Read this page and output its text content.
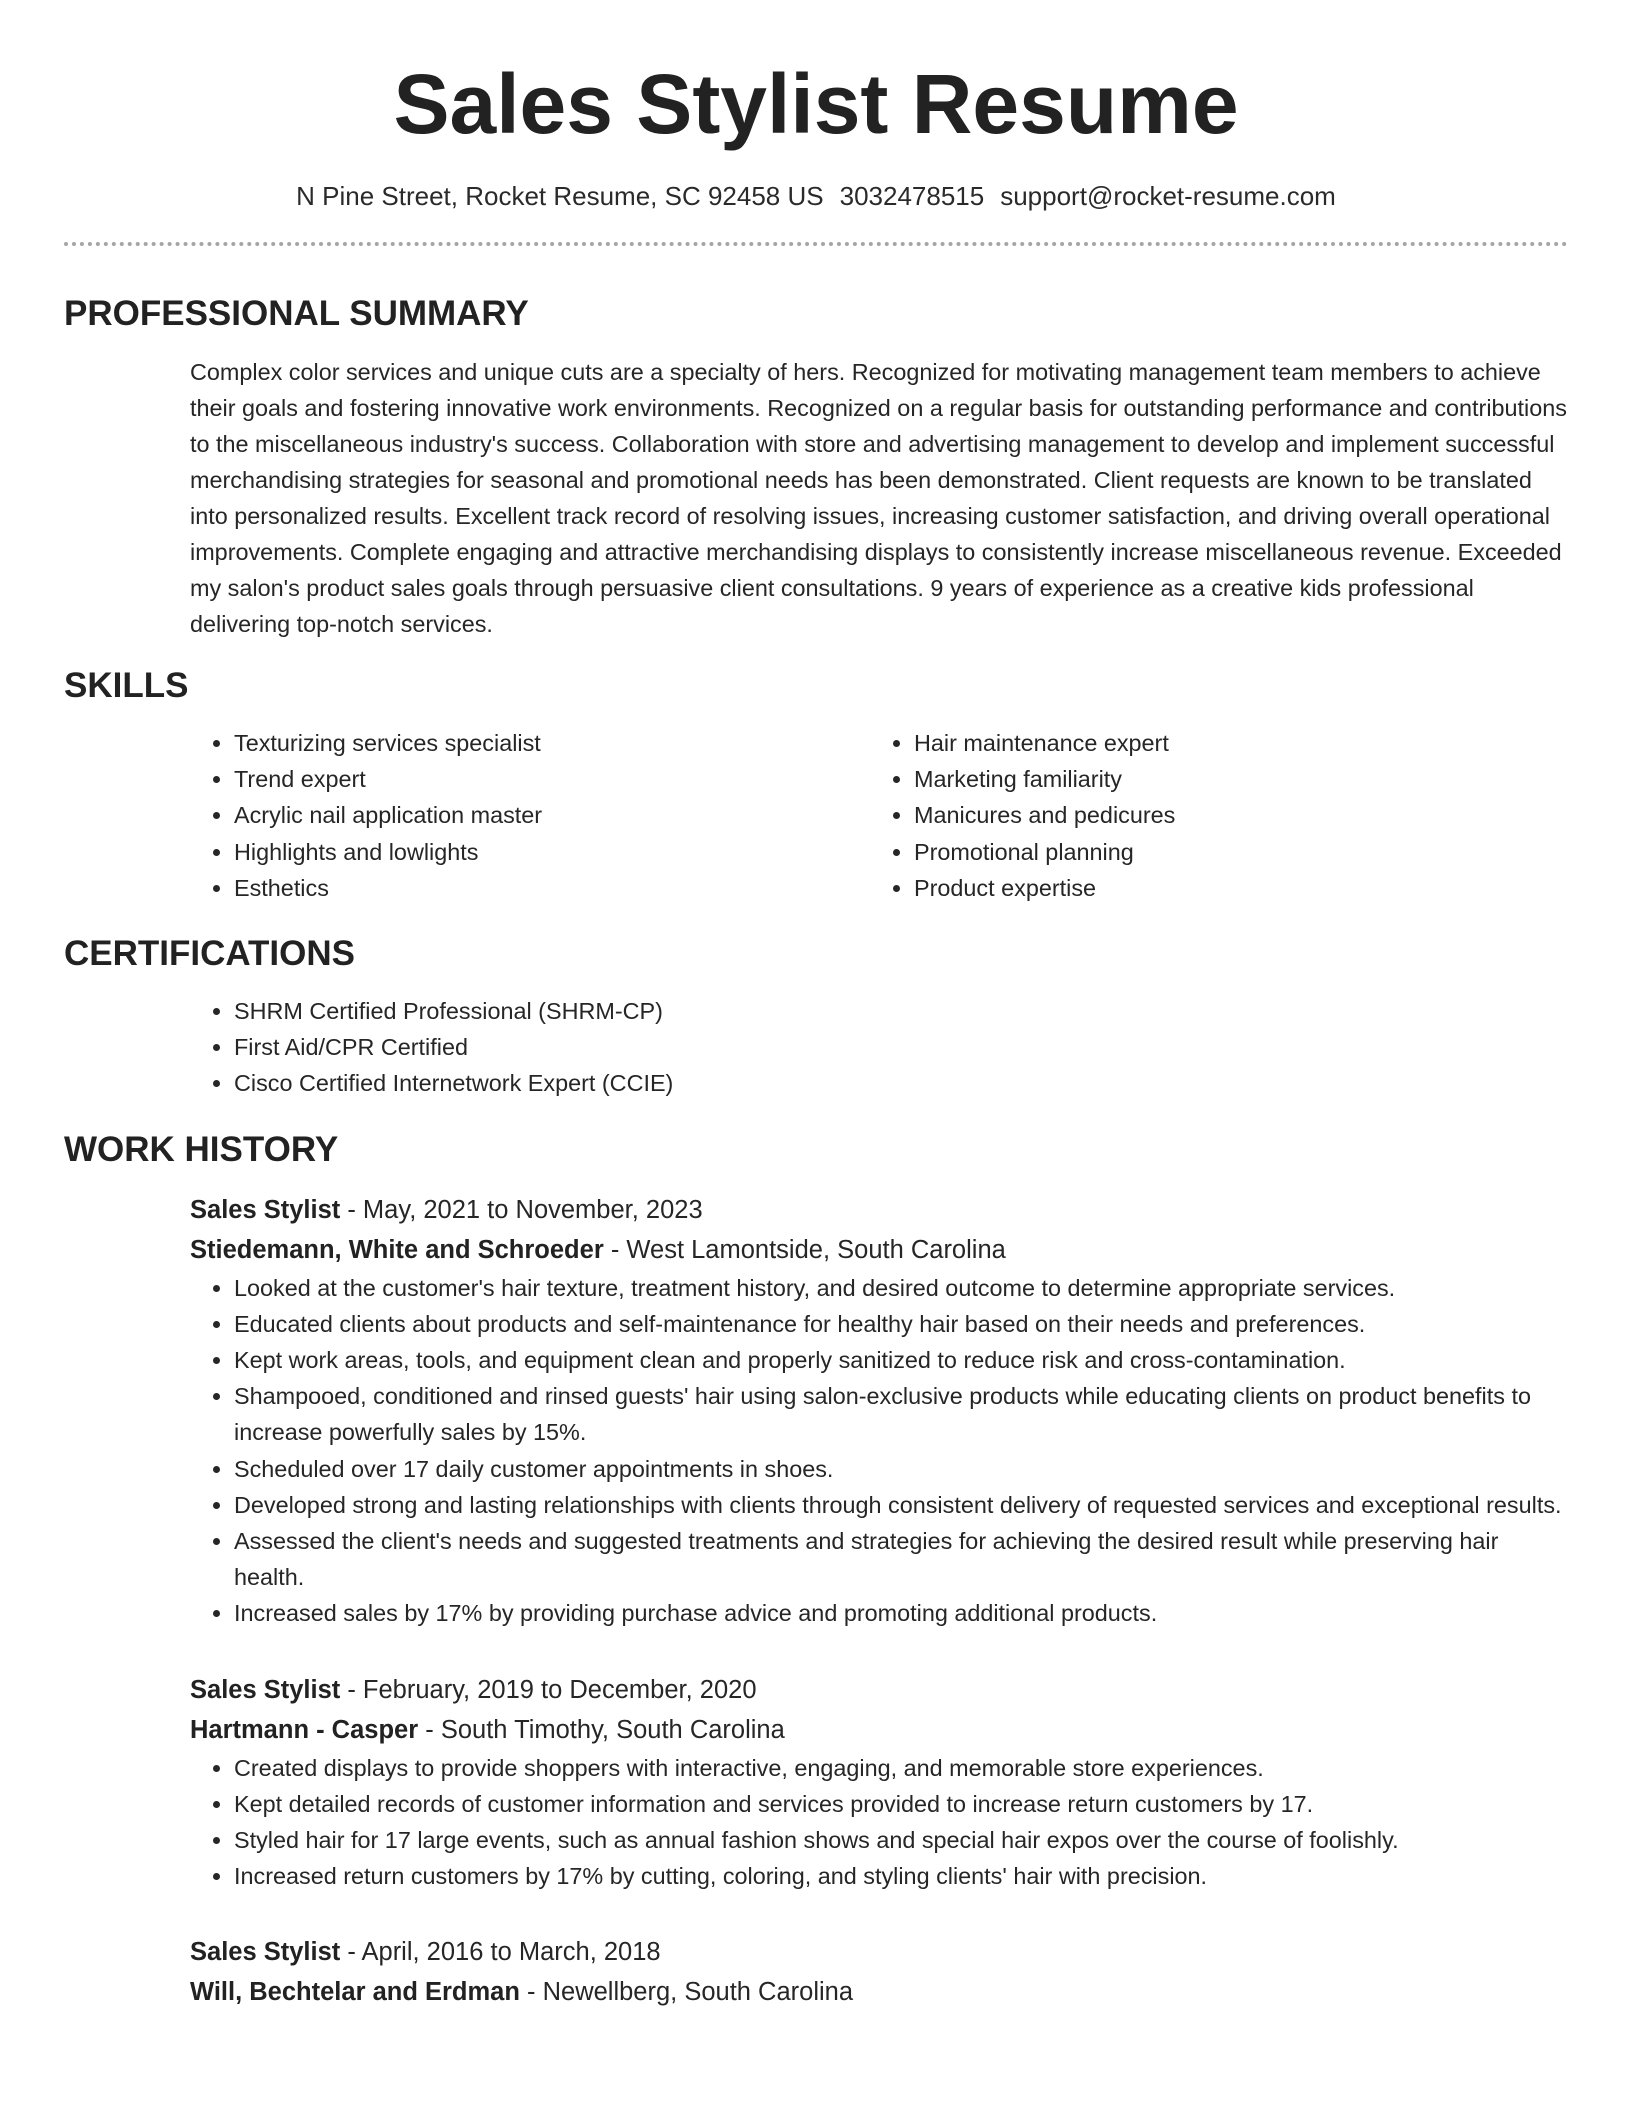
Sales Stylist Resume
N Pine Street, Rocket Resume, SC 92458 US 3032478515 support@rocket-resume.com
PROFESSIONAL SUMMARY
Complex color services and unique cuts are a specialty of hers. Recognized for motivating management team members to achieve their goals and fostering innovative work environments. Recognized on a regular basis for outstanding performance and contributions to the miscellaneous industry's success. Collaboration with store and advertising management to develop and implement successful merchandising strategies for seasonal and promotional needs has been demonstrated. Client requests are known to be translated into personalized results. Excellent track record of resolving issues, increasing customer satisfaction, and driving overall operational improvements. Complete engaging and attractive merchandising displays to consistently increase miscellaneous revenue. Exceeded my salon's product sales goals through persuasive client consultations. 9 years of experience as a creative kids professional delivering top-notch services.
SKILLS
• Texturizing services specialist
• Trend expert
• Acrylic nail application master
• Highlights and lowlights
• Esthetics
• Hair maintenance expert
• Marketing familiarity
• Manicures and pedicures
• Promotional planning
• Product expertise
CERTIFICATIONS
• SHRM Certified Professional (SHRM-CP)
• First Aid/CPR Certified
• Cisco Certified Internetwork Expert (CCIE)
WORK HISTORY
Sales Stylist - May, 2021 to November, 2023
Stiedemann, White and Schroeder - West Lamontside, South Carolina
• Looked at the customer's hair texture, treatment history, and desired outcome to determine appropriate services.
• Educated clients about products and self-maintenance for healthy hair based on their needs and preferences.
• Kept work areas, tools, and equipment clean and properly sanitized to reduce risk and cross-contamination.
• Shampooed, conditioned and rinsed guests' hair using salon-exclusive products while educating clients on product benefits to increase powerfully sales by 15%.
• Scheduled over 17 daily customer appointments in shoes.
• Developed strong and lasting relationships with clients through consistent delivery of requested services and exceptional results.
• Assessed the client's needs and suggested treatments and strategies for achieving the desired result while preserving hair health.
• Increased sales by 17% by providing purchase advice and promoting additional products.
Sales Stylist - February, 2019 to December, 2020
Hartmann - Casper - South Timothy, South Carolina
• Created displays to provide shoppers with interactive, engaging, and memorable store experiences.
• Kept detailed records of customer information and services provided to increase return customers by 17.
• Styled hair for 17 large events, such as annual fashion shows and special hair expos over the course of foolishly.
• Increased return customers by 17% by cutting, coloring, and styling clients' hair with precision.
Sales Stylist - April, 2016 to March, 2018
Will, Bechtelar and Erdman - Newellberg, South Carolina
